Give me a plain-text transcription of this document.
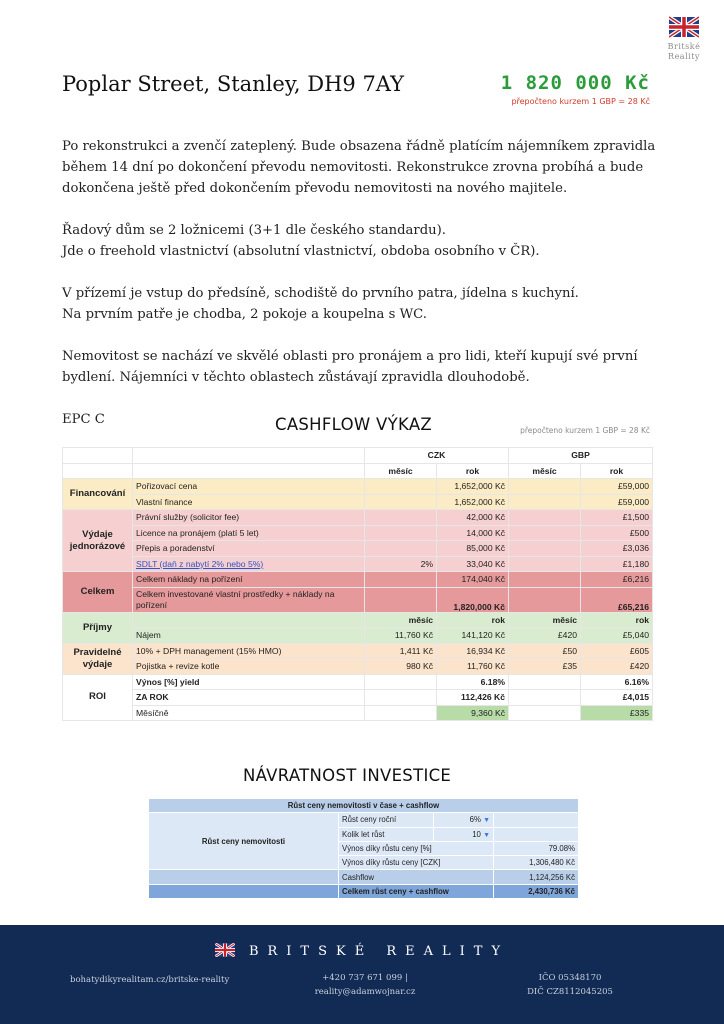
Britské
Reality
Poplar Street, Stanley, DH9 7AY	1 820 000 Kč
přepočteno kurzem 1 GBP = 28 Kč

Po rekonstrukci a zvenčí zateplený. Bude obsazena řádně platícím nájemníkem zpravidla během 14 dní po dokončení převodu nemovitosti. Rekonstrukce zrovna probíhá a bude dokončena ještě před dokončením převodu nemovitosti na nového majitele.

Řadový dům se 2 ložnicemi (3+1 dle českého standardu).
Jde o freehold vlastnictví (absolutní vlastnictví, obdoba osobního v ČR).

V přízemí je vstup do předsíně, schodiště do prvního patra, jídelna s kuchyní.
Na prvním patře je chodba, 2 pokoje a koupelna s WC.

Nemovitost se nachází ve skvělé oblasti pro pronájem a pro lidi, kteří kupují své první bydlení. Nájemníci v těchto oblastech zůstávají zpravidla dlouhodobě.

EPC C	CASHFLOW VÝKAZ	přepočteno kurzem 1 GBP = 28 Kč
		CZK		GBP	
		měsíc	rok	měsíc	rok
Financování	Pořizovací cena		1,652,000 Kč		£59,000
	Vlastní finance		1,652,000 Kč		£59,000
Výdaje jednorázové	Právní služby (solicitor fee)		42,000 Kč		£1,500
	Licence na pronájem (platí 5 let)		14,000 Kč		£500
	Přepis a poradenství		85,000 Kč		£3,036
	SDLT (daň z nabytí 2% nebo 5%)	2%	33,040 Kč		£1,180
Celkem	Celkem náklady na pořízení		174,040 Kč		£6,216
	Celkem investované vlastní prostředky + náklady na pořízení		1,820,000 Kč		£65,216
Příjmy		měsíc	rok	měsíc	rok
	Nájem	11,760 Kč	141,120 Kč	£420	£5,040
Pravidelné výdaje	10% + DPH management (15% HMO)	1,411 Kč	16,934 Kč	£50	£605
	Pojistka + revize kotle	980 Kč	11,760 Kč	£35	£420
ROI	Výnos [%] yield		6.18%		6.16%
	ZA ROK		112,426 Kč		£4,015
	Měsíčně		9,360 Kč		£335
NÁVRATNOST INVESTICE
Růst ceny nemovitosti v čase + cashflow			
Růst ceny nemovitosti	Růst ceny roční	6% ▼	
	Kolik let růst	10 ▼	
	Výnos díky růstu ceny [%]		79.08%
	Výnos díky růstu ceny [CZK]		1,306,480 Kč
	Cashflow		1,124,256 Kč
	Celkem růst ceny + cashflow		2,430,736 Kč
BRITSKÉ REALITY
bohatydikyrealitam.cz/britske-reality	+420 737 671 099 |
reality@adamwojnar.cz
IČO 05348170
DIČ CZ8112045205
